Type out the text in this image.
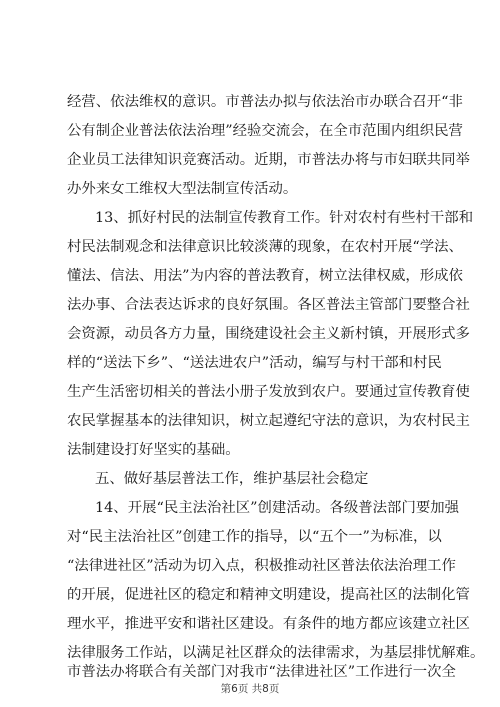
经营、依法维权的意识。市普法办拟与依法治市办联合召开“非
公有制企业普法依法治理”经验交流会，在全市范围内组织民营
企业员工法律知识竞赛活动。近期，市普法办将与市妇联共同举
办外来女工维权大型法制宣传活动。
13、抓好村民的法制宣传教育工作。针对农村有些村干部和
村民法制观念和法律意识比较淡薄的现象，在农村开展“学法、
懂法、信法、用法”为内容的普法教育，树立法律权威，形成依
法办事、合法表达诉求的良好氛围。各区普法主管部门要整合社
会资源，动员各方力量，围绕建设社会主义新村镇，开展形式多
样的“送法下乡”、“送法进农户”活动，编写与村干部和村民
生产生活密切相关的普法小册子发放到农户。要通过宣传教育使
农民掌握基本的法律知识，树立起遵纪守法的意识，为农村民主
法制建设打好坚实的基础。
五、做好基层普法工作，维护基层社会稳定
14、开展“民主法治社区”创建活动。各级普法部门要加强
对“民主法治社区”创建工作的指导，以“五个一”为标准，以
“法律进社区”活动为切入点，积极推动社区普法依法治理工作
的开展，促进社区的稳定和精神文明建设，提高社区的法制化管
理水平，推进平安和谐社区建设。有条件的地方都应该建立社区
法律服务工作站，以满足社区群众的法律需求，为基层排忧解难。
市普法办将联合有关部门对我市“法律进社区”工作进行一次全
第6页 共8页
